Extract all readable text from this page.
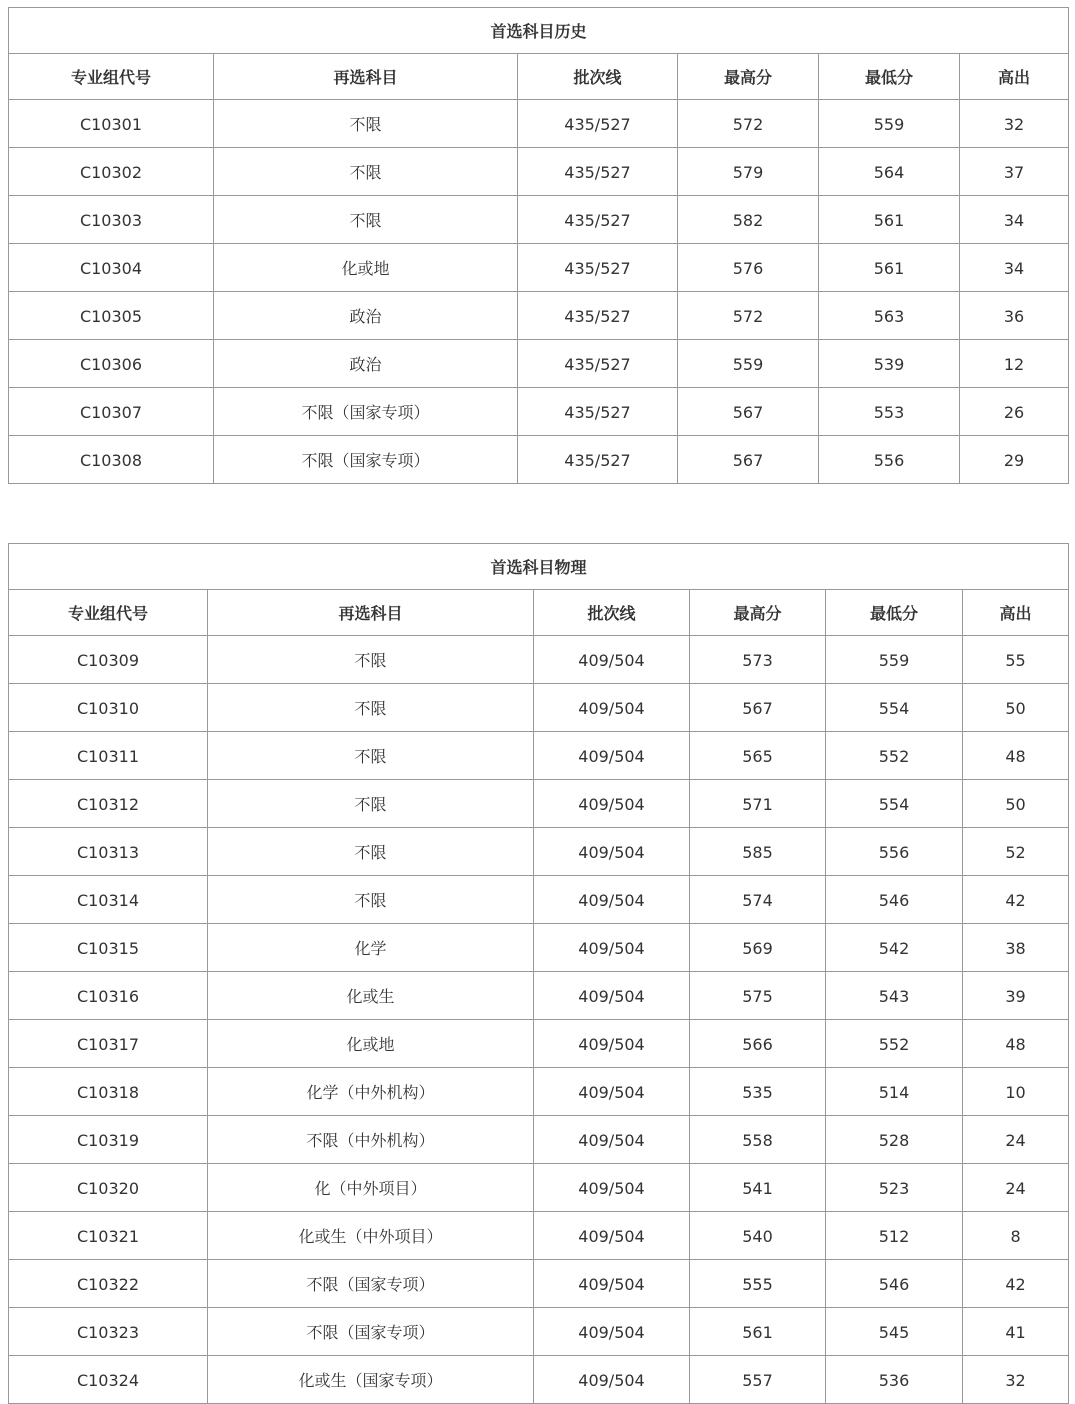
首选科目历史					
专业组代号	再选科目	批次线	最高分	最低分	高出
C10301	不限	435/527	572	559	32
C10302	不限	435/527	579	564	37
C10303	不限	435/527	582	561	34
C10304	化或地	435/527	576	561	34
C10305	政治	435/527	572	563	36
C10306	政治	435/527	559	539	12
C10307	不限（国家专项）	435/527	567	553	26
C10308	不限（国家专项）	435/527	567	556	29
首选科目物理					
专业组代号	再选科目	批次线	最高分	最低分	高出
C10309	不限	409/504	573	559	55
C10310	不限	409/504	567	554	50
C10311	不限	409/504	565	552	48
C10312	不限	409/504	571	554	50
C10313	不限	409/504	585	556	52
C10314	不限	409/504	574	546	42
C10315	化学	409/504	569	542	38
C10316	化或生	409/504	575	543	39
C10317	化或地	409/504	566	552	48
C10318	化学（中外机构）	409/504	535	514	10
C10319	不限（中外机构）	409/504	558	528	24
C10320	化（中外项目）	409/504	541	523	24
C10321	化或生（中外项目）	409/504	540	512	8
C10322	不限（国家专项）	409/504	555	546	42
C10323	不限（国家专项）	409/504	561	545	41
C10324	化或生（国家专项）	409/504	557	536	32
